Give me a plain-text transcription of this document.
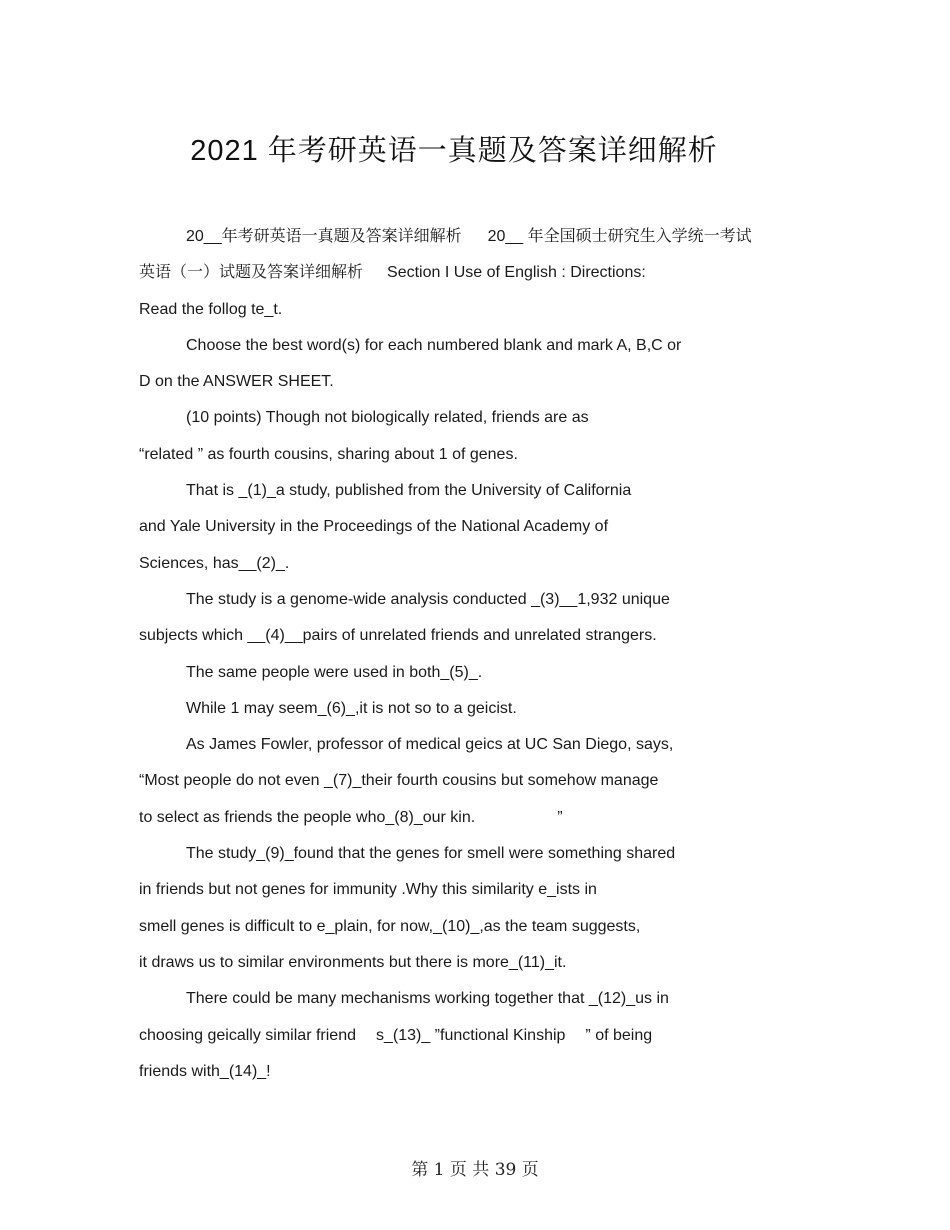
2021 年考研英语一真题及答案详细解析
20__年考研英语一真题及答案详细解析 20__ 年全国硕士研究生入学统一考试
英语（一）试题及答案详细解析 Section I Use of English : Directions:
Read the follog te_t.
Choose the best word(s) for each numbered blank and mark A, B,C or
D on the ANSWER SHEET.
(10 points) Though not biologically related, friends are as
“related ” as fourth cousins, sharing about 1 of genes.
That is _(1)_a study, published from the University of California
and Yale University in the Proceedings of the National Academy of
Sciences, has__(2)_.
The study is a genome-wide analysis conducted _(3)__1,932 unique
subjects which __(4)__pairs of unrelated friends and unrelated strangers.
The same people were used in both_(5)_.
While 1 may seem_(6)_,it is not so to a geicist.
As James Fowler, professor of medical geics at UC San Diego, says,
“Most people do not even _(7)_their fourth cousins but somehow manage
to select as friends the people who_(8)_our kin.	”
The study_(9)_found that the genes for smell were something shared
in friends but not genes for immunity .Why this similarity e_ists in
smell genes is difficult to e_plain, for now,_(10)_,as the team suggests,
it draws us to similar environments but there is more_(11)_it.
There could be many mechanisms working together that _(12)_us in
choosing geically similar friend s_(13)_ ”functional Kinship ” of being
friends with_(14)_!
第 1 页 共 39 页
